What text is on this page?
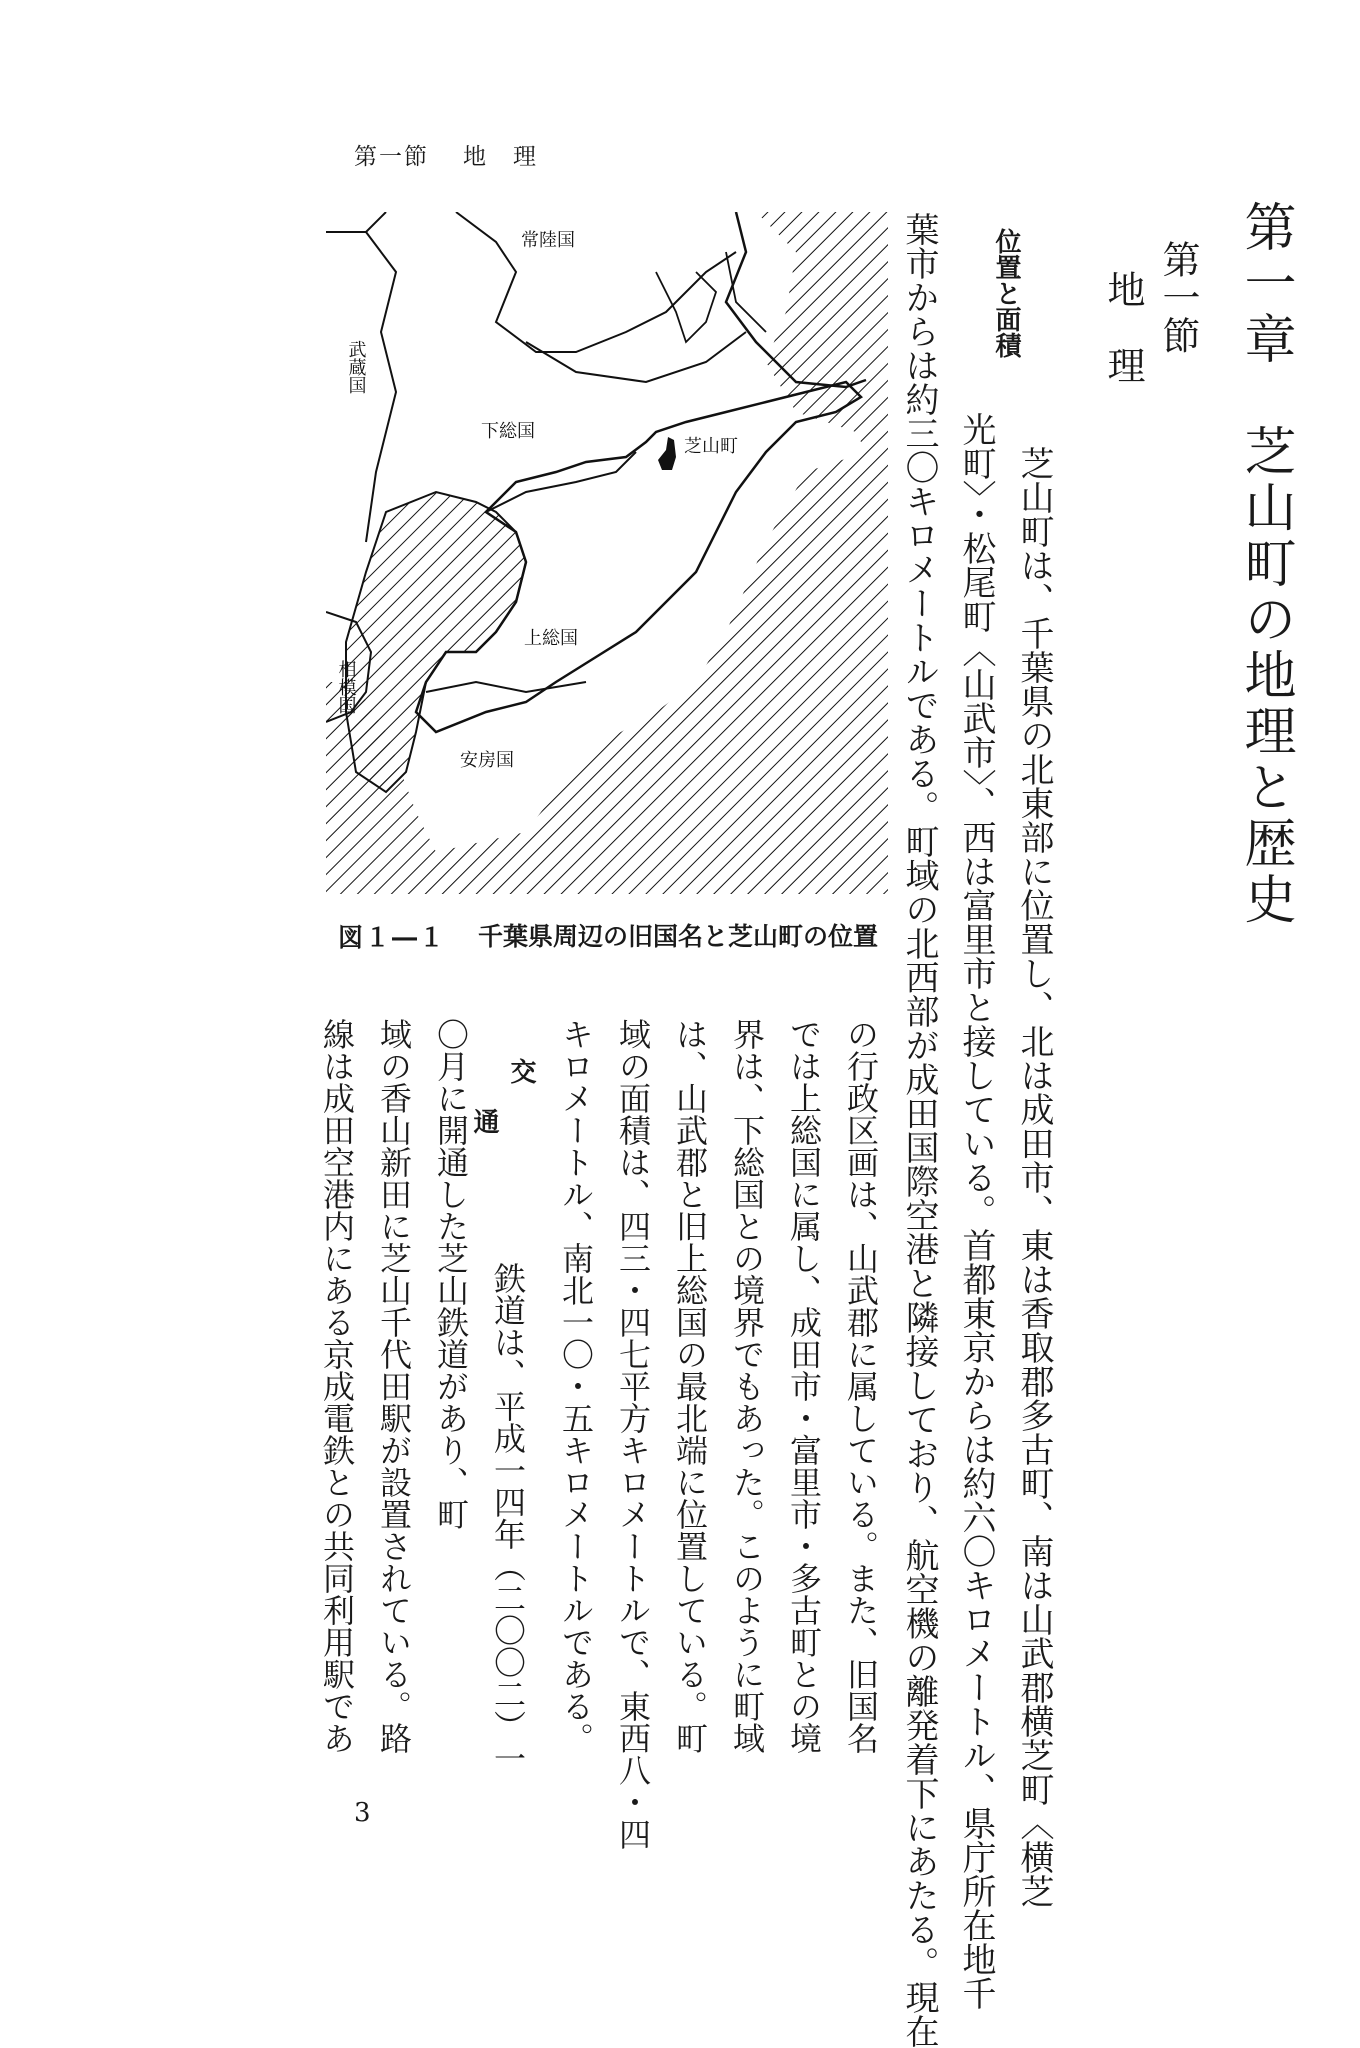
第一節 地　理
第一章　芝山町の地理と歴史
第一節
地　理
位置と面積
　芝山町は、千葉県の北東部に位置し、北は成田市、東は香取郡多古町、南は山武郡横芝町〈横芝
光町〉・松尾町〈山武市〉、西は富里市と接している。首都東京からは約六〇キロメートル、県庁所在地千
葉市からは約三〇キロメートルである。町域の北西部が成田国際空港と隣接しており、航空機の離発着下にあたる。現在
常陸国
下総国
芝山町
上総国
安房国
武蔵国
相模国
図１―１ 千葉県周辺の旧国名と芝山町の位置
の行政区画は、山武郡に属している。また、旧国名
では上総国に属し、成田市・富里市・多古町との境
界は、下総国との境界でもあった。このように町域
は、山武郡と旧上総国の最北端に位置している。町
域の面積は、四三・四七平方キロメートルで、東西八・四
キロメートル、南北一〇・五キロメートルである。
交
通
　鉄道は、平成一四年（二〇〇二）一
〇月に開通した芝山鉄道があり、町
域の香山新田に芝山千代田駅が設置されている。路
線は成田空港内にある京成電鉄との共同利用駅であ
3
